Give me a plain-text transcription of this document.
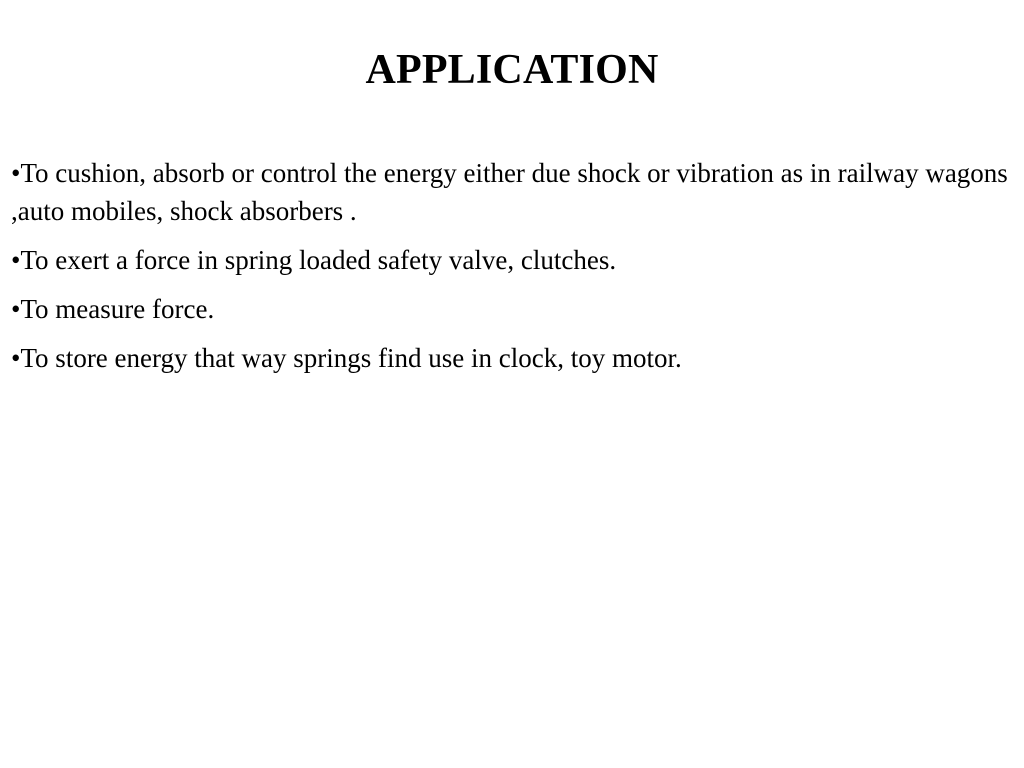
APPLICATION
•To cushion, absorb or control the energy either due shock or vibration as in railway wagons ,auto mobiles, shock absorbers .
•To exert a force in spring loaded safety valve, clutches.
•To measure force.
•To store energy that way springs find use in clock, toy motor.
